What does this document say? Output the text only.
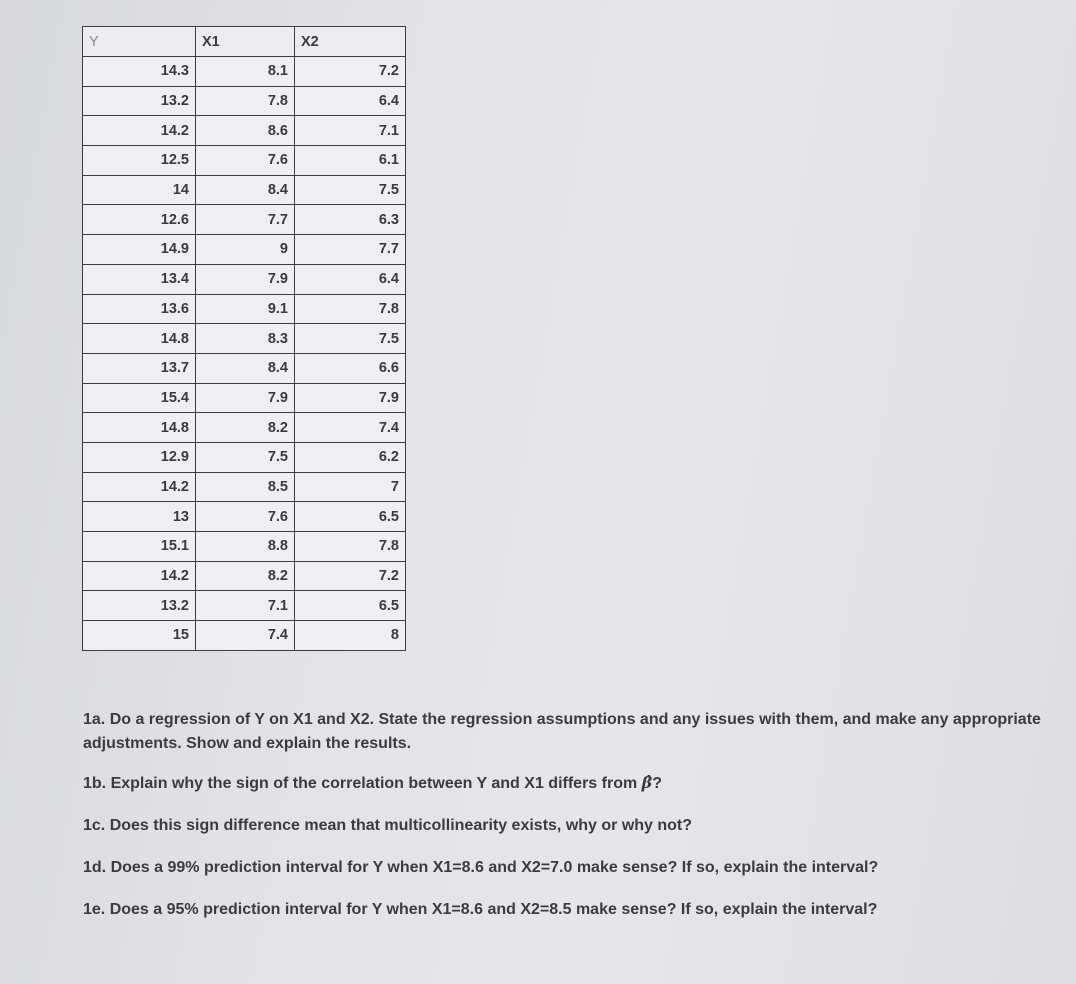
Y	X1	X2
14.3	8.1	7.2
13.2	7.8	6.4
14.2	8.6	7.1
12.5	7.6	6.1
14	8.4	7.5
12.6	7.7	6.3
14.9	9	7.7
13.4	7.9	6.4
13.6	9.1	7.8
14.8	8.3	7.5
13.7	8.4	6.6
15.4	7.9	7.9
14.8	8.2	7.4
12.9	7.5	6.2
14.2	8.5	7
13	7.6	6.5
15.1	8.8	7.8
14.2	8.2	7.2
13.2	7.1	6.5
15	7.4	8

1a. Do a regression of Y on X1 and X2. State the regression assumptions and any issues with them, and make any appropriate adjustments. Show and explain the results.

1b. Explain why the sign of the correlation between Y and X1 differs from β̂?

1c. Does this sign difference mean that multicollinearity exists, why or why not?

1d. Does a 99% prediction interval for Y when X1=8.6 and X2=7.0 make sense? If so, explain the interval?

1e. Does a 95% prediction interval for Y when X1=8.6 and X2=8.5 make sense? If so, explain the interval?
